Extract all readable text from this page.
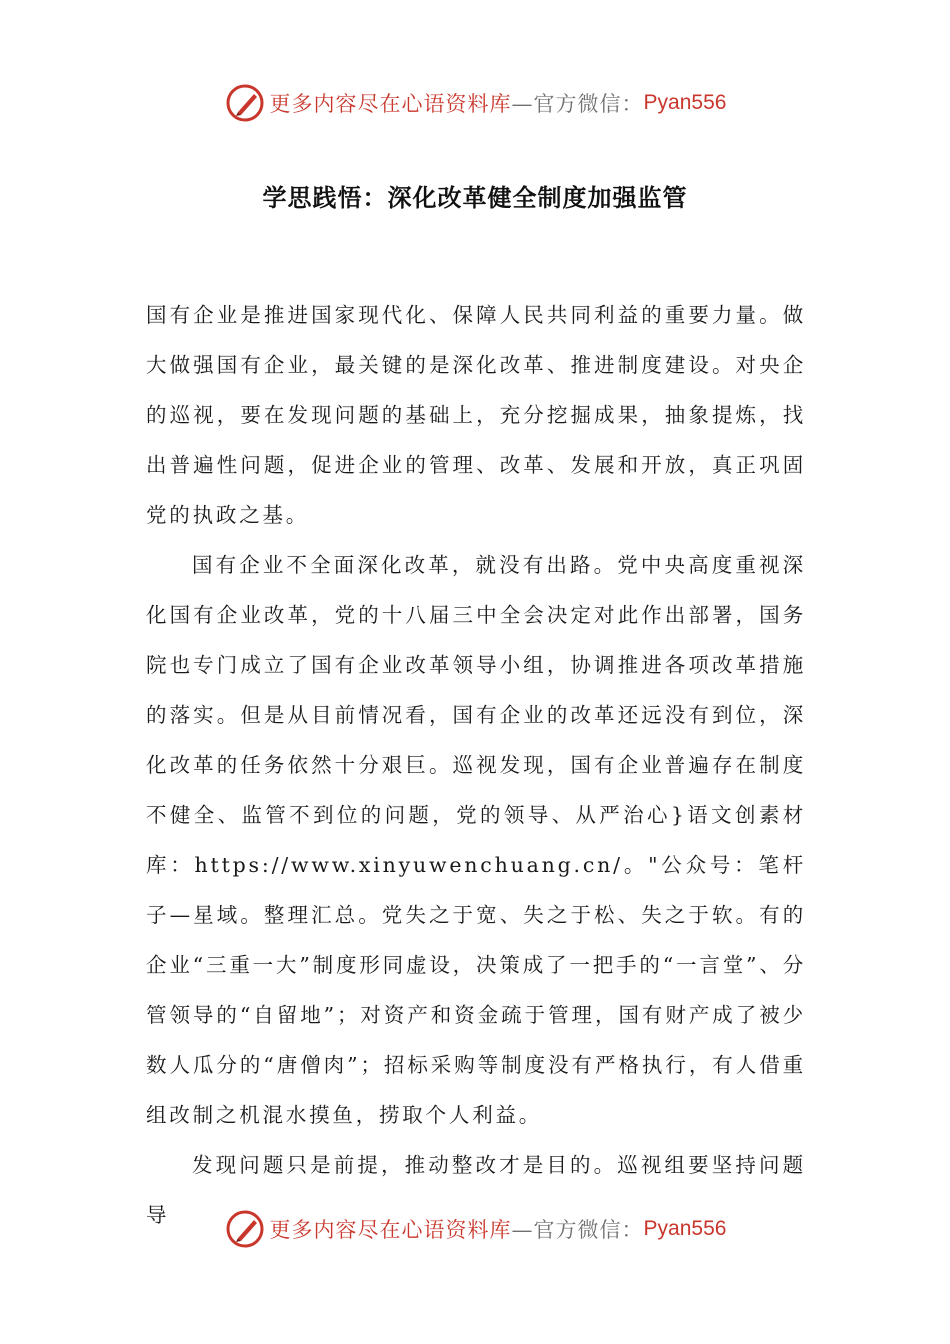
更多内容尽在心语资料库 —官方微信： Pyan556
学思践悟：深化改革健全制度加强监管

国有企业是推进国家现代化、保障人民共同利益的重要力量。做大做强国有企业，最关键的是深化改革、推进制度建设。对央企的巡视，要在发现问题的基础上，充分挖掘成果，抽象提炼，找出普遍性问题，促进企业的管理、改革、发展和开放，真正巩固党的执政之基。

国有企业不全面深化改革，就没有出路。党中央高度重视深化国有企业改革，党的十八届三中全会决定对此作出部署，国务院也专门成立了国有企业改革领导小组，协调推进各项改革措施的落实。但是从目前情况看，国有企业的改革还远没有到位，深化改革的任务依然十分艰巨。巡视发现，国有企业普遍存在制度不健全、监管不到位的问题，党的领导、从严治心}语文创素材库：https://www.xinyuwenchuang.cn/。"公众号：笔杆子—星域。整理汇总。党失之于宽、失之于松、失之于软。有的企业“三重一大”制度形同虚设，决策成了一把手的“一言堂”、分管领导的“自留地”；对资产和资金疏于管理，国有财产成了被少数人瓜分的“唐僧肉”；招标采购等制度没有严格执行，有人借重组改制之机混水摸鱼，捞取个人利益。

发现问题只是前提，推动整改才是目的。巡视组要坚持问题导

更多内容尽在心语资料库 —官方微信： Pyan556
